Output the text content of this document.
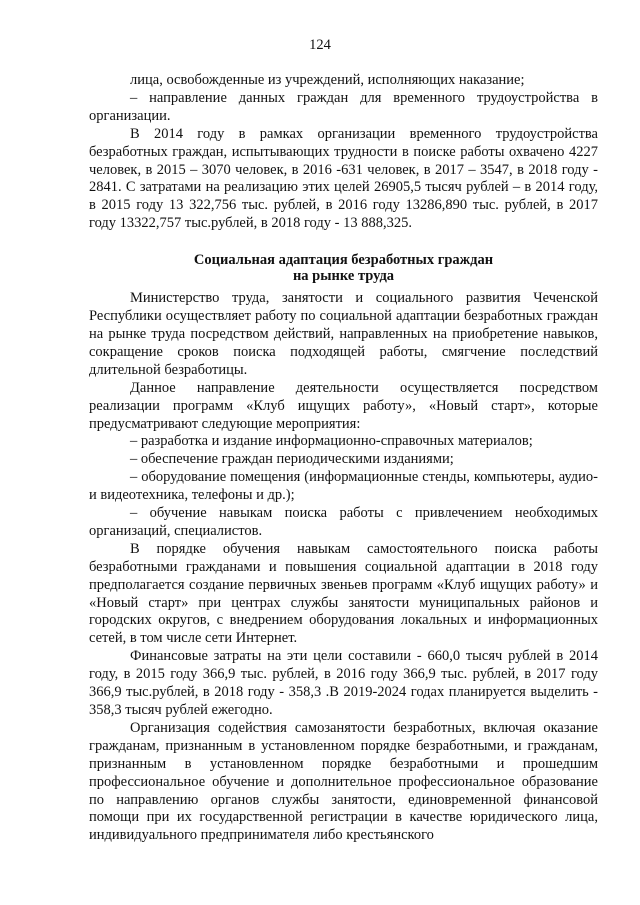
124

лица, освобожденные из учреждений, исполняющих наказание;

– направление данных граждан для временного трудоустройства в организации.

В 2014 году в рамках организации временного трудоустройства безработных граждан, испытывающих трудности в поиске работы охвачено 4227 человек, в 2015 – 3070 человек, в 2016 -631 человек, в 2017 – 3547, в 2018 году - 2841. С затратами на реализацию этих целей 26905,5 тысяч рублей – в 2014 году, в 2015 году 13 322,756 тыс. рублей, в 2016 году 13286,890 тыс. рублей, в 2017 году 13322,757 тыс.рублей, в 2018 году - 13 888,325.

Социальная адаптация безработных граждан
на рынке труда

Министерство труда, занятости и социального развития Чеченской Республики осуществляет работу по социальной адаптации безработных граждан на рынке труда посредством действий, направленных на приобретение навыков, сокращение сроков поиска подходящей работы, смягчение последствий длительной безработицы.

Данное направление деятельности осуществляется посредством реализации программ «Клуб ищущих работу», «Новый старт», которые предусматривают следующие мероприятия:

– разработка и издание информационно-справочных материалов;

– обеспечение граждан периодическими изданиями;

– оборудование помещения (информационные стенды, компьютеры, аудио- и видеотехника, телефоны и др.);

– обучение навыкам поиска работы с привлечением необходимых организаций, специалистов.

В порядке обучения навыкам самостоятельного поиска работы безработными гражданами и повышения социальной адаптации в 2018 году предполагается создание первичных звеньев программ «Клуб ищущих работу» и «Новый старт» при центрах службы занятости муниципальных районов и городских округов, с внедрением оборудования локальных и информационных сетей, в том числе сети Интернет.

Финансовые затраты на эти цели составили - 660,0 тысяч рублей в 2014 году, в 2015 году 366,9 тыс. рублей, в 2016 году 366,9 тыс. рублей, в 2017 году 366,9 тыс.рублей, в 2018 году - 358,3 .В 2019-2024 годах планируется выделить - 358,3 тысяч рублей ежегодно.

Организация содействия самозанятости безработных, включая оказание гражданам, признанным в установленном порядке безработными, и гражданам, признанным в установленном порядке безработными и прошедшим профессиональное обучение и дополнительное профессиональное образование по направлению органов службы занятости, единовременной финансовой помощи при их государственной регистрации в качестве юридического лица, индивидуального предпринимателя либо крестьянского
